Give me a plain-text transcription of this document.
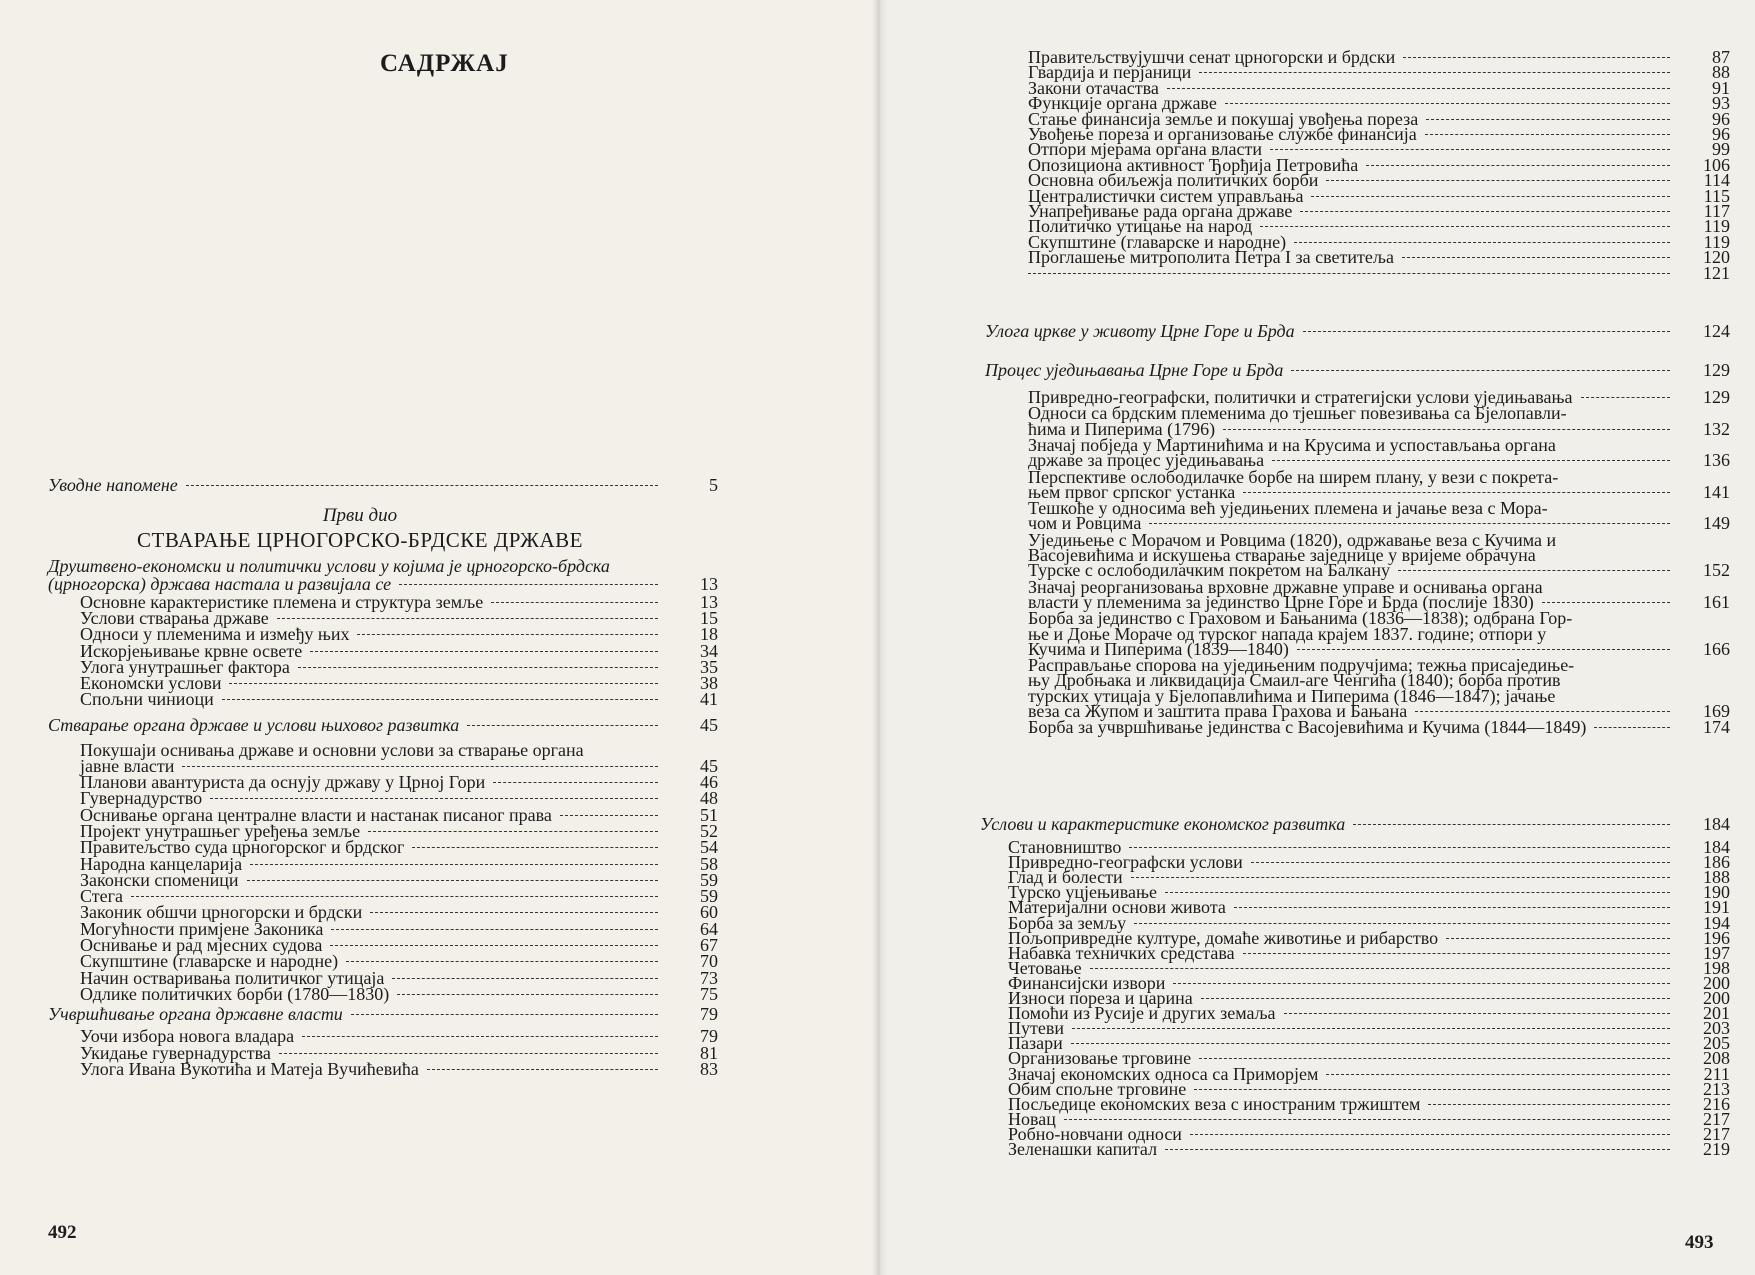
САДРЖАЈ
Уводне напомене	5
Први дио
СТВАРАЊЕ ЦРНОГОРСКО-БРДСКЕ ДРЖАВЕ
Друштвено-економски и политички услови у којима је црногорско-брдска
(црногорска) држава настала и развијала се	13
Основне карактеристике племена и структура земље	13
Услови стварања државе	15
Односи у племенима и између њих	18
Искорјењивање крвне освете	34
Улога унутрашњег фактора	35
Економски услови	38
Спољни чиниоци	41
Стварање органа државе и услови њиховог развитка	45
Покушаји оснивања државе и основни услови за стварање органа
јавне власти	45
Планови авантуриста да оснују државу у Црној Гори	46
Гувернадурство	48
Оснивање органа централне власти и настанак писаног права	51
Пројект унутрашњег уређења земље	52
Правитељство суда црногорског и брдског	54
Народна канцеларија	58
Законски споменици	59
Стега	59
Законик обшчи црногорски и брдски	60
Могућности примјене Законика	64
Оснивање и рад мјесних судова	67
Скупштине (главарске и народне)	70
Начин остваривања политичког утицаја	73
Одлике политичких борби (1780—1830)	75
Учвршћивање органа државне власти	79
Уочи избора новога владара	79
Укидање гувернадурства	81
Улога Ивана Вукотића и Матеја Вучићевића	83
492
Правитељствујушчи сенат црногорски и брдски	87
Гвардија и перјаници	88
Закони отачаства	91
Функције органа државе	93
Стање финансија земље и покушај увођења пореза	96
Увођење пореза и организовање службе финансија	96
Отпори мјерама органа власти	99
Опозициона активност Ђорђија Петровића	106
Основна обиљежја политичких борби	114
Централистички систем управљања	115
Унапређивање рада органа државе	117
Политичко утицање на народ	119
Скупштине (главарске и народне)	119
Проглашење митрополита Петра I за светитеља	120
121
Улога цркве у животу Црне Горе и Брда	124
Процес уједињавања Црне Горе и Брда	129
Привредно-географски, политички и стратегијски услови уједињавања	129
Односи са брдским племенима до тјешњег повезивања са Бјелопавли-
ћима и Пиперима (1796)	132
Значај побједа у Мартинићима и на Крусима и успостављања органа
државе за процес уједињавања	136
Перспективе ослободилачке борбе на ширем плану, у вези с покрета-
њем првог српског устанка	141
Тешкоће у односима већ уједињених племена и јачање веза с Мора-
чом и Ровцима	149
Уједињење с Морачом и Ровцима (1820), одржавање веза с Кучима и
Васојевићима и искушења стварање заједнице у вријеме обрачуна
Турске с ослободилачким покретом на Балкану	152
Значај реорганизовања врховне државне управе и оснивања органа
власти у племенима за јединство Црне Горе и Брда (послије 1830)	161
Борба за јединство с Граховом и Бањанима (1836—1838); одбрана Гор-
ње и Доње Мораче од турског напада крајем 1837. године; отпори у
Кучима и Пиперима (1839—1840)	166
Расправљање спорова на уједињеним подручјима; тежња присаједиње-
њу Дробњака и ликвидација Смаил-аге Ченгића (1840); борба против
турских утицаја у Бјелопавлићима и Пиперима (1846—1847); јачање
веза са Жупом и заштита права Грахова и Бањана	169
Борба за учвршћивање јединства с Васојевићима и Кучима (1844—1849)	174
Услови и карактеристике економског развитка	184
Становништво	184
Привредно-географски услови	186
Глад и болести	188
Турско уцјењивање	190
Материјални основи живота	191
Борба за земљу	194
Пољопривредне културе, домаће животиње и рибарство	196
Набавка техничких средстава	197
Четовање	198
Финансијски извори	200
Износи пореза и царина	200
Помоћи из Русије и других земаља	201
Путеви	203
Пазари	205
Организовање трговине	208
Значај економских односа са Приморјем	211
Обим спољне трговине	213
Посљедице економских веза с иностраним тржиштем	216
Новац	217
Робно-новчани односи	217
Зеленашки капитал	219
493
